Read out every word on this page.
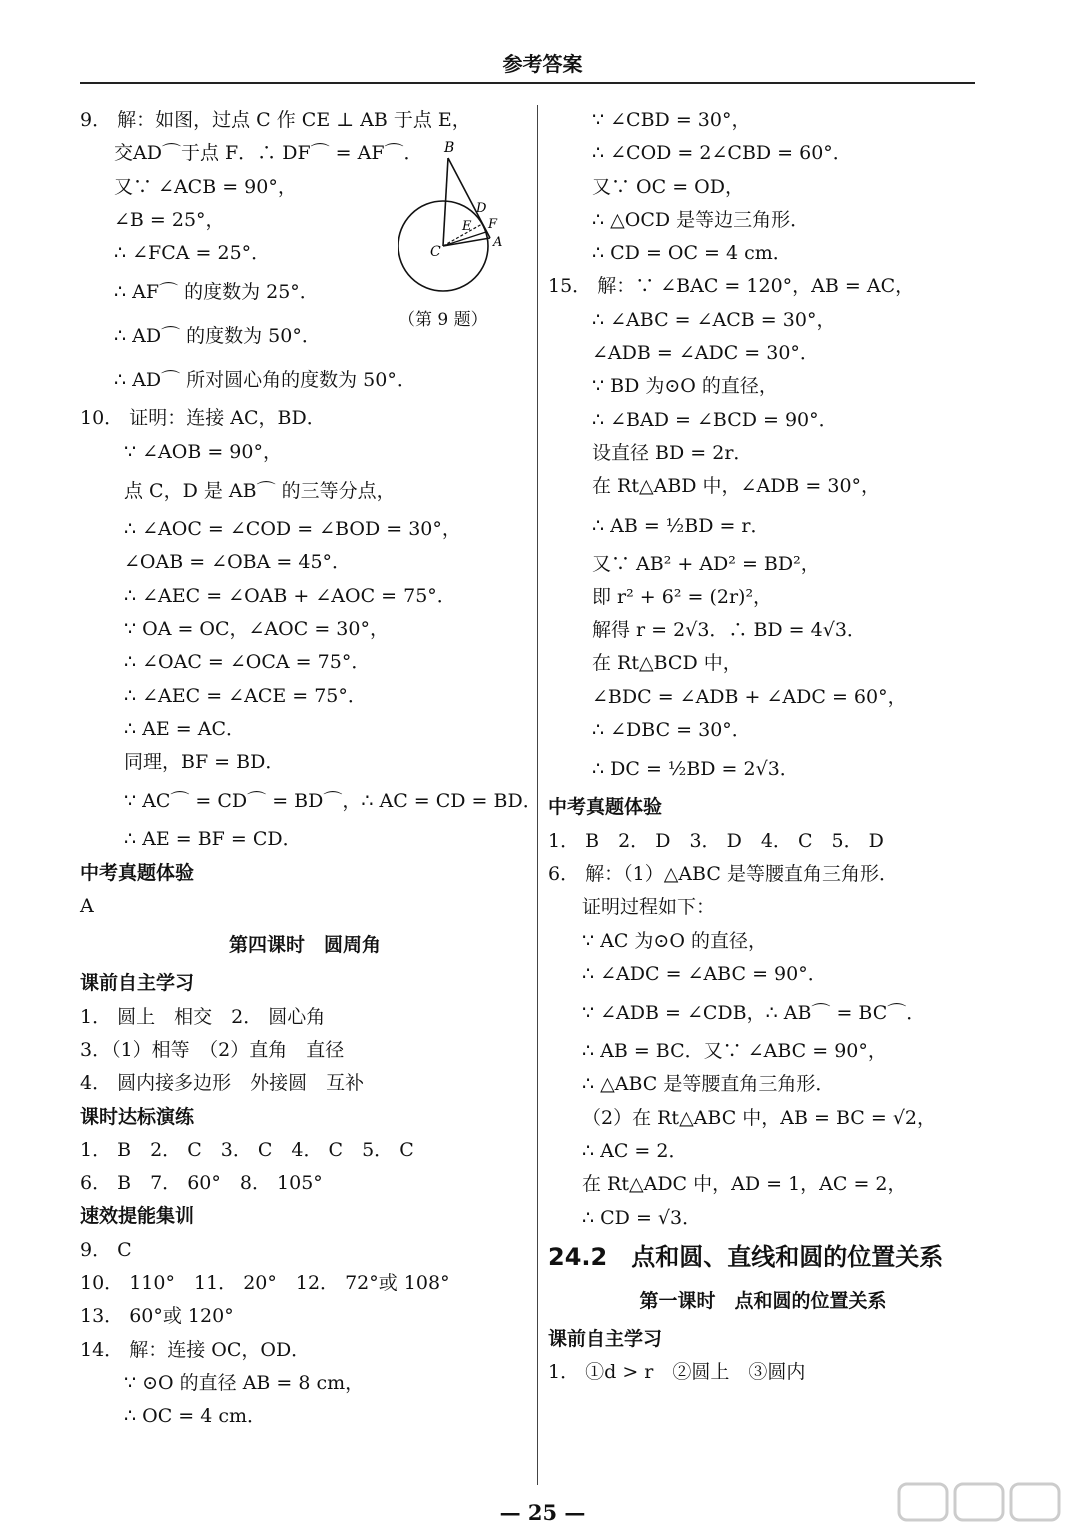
参考答案
9． 解：如图，过点 C 作 CE ⊥ AB 于点 E，
交AD⌒于点 F．∴ DF⌒ = AF⌒．
又∵ ∠ACB = 90°，
∠B = 25°，
∴ ∠FCA = 25°．
∴ AF⌒ 的度数为 25°．
∴ AD⌒ 的度数为 50°．
∴ AD⌒ 所对圆心角的度数为 50°．
10． 证明：连接 AC，BD．
∵ ∠AOB = 90°，
点 C，D 是 AB⌒ 的三等分点，
∴ ∠AOC = ∠COD = ∠BOD = 30°，
∠OAB = ∠OBA = 45°．
∴ ∠AEC = ∠OAB + ∠AOC = 75°．
∵ OA = OC，∠AOC = 30°，
∴ ∠OAC = ∠OCA = 75°．
∴ ∠AEC = ∠ACE = 75°．
∴ AE = AC．
同理，BF = BD．
∵ AC⌒ = CD⌒ = BD⌒，∴ AC = CD = BD．
∴ AE = BF = CD．
中考真题体验
A
第四课时　圆周角
课前自主学习
1． 圆上　相交　2． 圆心角
3．（1）相等　（2）直角　直径
4． 圆内接多边形　外接圆　互补
课时达标演练
1． B　2． C　3． C　4． C　5． C
6． B　7． 60°　8． 105°
速效提能集训
9． C
10． 110°　11． 20°　12． 72°或 108°
13． 60°或 120°
14． 解：连接 OC，OD．
∵ ⊙O 的直径 AB = 8 cm，
∴ OC = 4 cm．
∵ ∠CBD = 30°，
∴ ∠COD = 2∠CBD = 60°．
又∵ OC = OD，
∴ △OCD 是等边三角形．
∴ CD = OC = 4 cm．
15． 解：∵ ∠BAC = 120°，AB = AC，
∴ ∠ABC = ∠ACB = 30°，
∠ADB = ∠ADC = 30°．
∵ BD 为⊙O 的直径，
∴ ∠BAD = ∠BCD = 90°．
设直径 BD = 2r．
在 Rt△ABD 中，∠ADB = 30°，
∴ AB = ½BD = r．
又∵ AB² + AD² = BD²，
即 r² + 6² = (2r)²，
解得 r = 2√3．∴ BD = 4√3．
在 Rt△BCD 中，
∠BDC = ∠ADB + ∠ADC = 60°，
∴ ∠DBC = 30°．
∴ DC = ½BD = 2√3．
中考真题体验
1． B　2． D　3． D　4． C　5． D
6． 解：（1）△ABC 是等腰直角三角形．
证明过程如下：
∵ AC 为⊙O 的直径，
∴ ∠ADC = ∠ABC = 90°．
∵ ∠ADB = ∠CDB，∴ AB⌒ = BC⌒．
∴ AB = BC．又∵ ∠ABC = 90°，
∴ △ABC 是等腰直角三角形．
（2）在 Rt△ABC 中，AB = BC = √2，
∴ AC = 2．
在 Rt△ADC 中，AD = 1，AC = 2，
∴ CD = √3．
24.2　点和圆、直线和圆的位置关系
第一课时　点和圆的位置关系
课前自主学习
1． ①d > r　②圆上　③圆内
B
D
E F
C
A
（第 9 题）
— 25 —
